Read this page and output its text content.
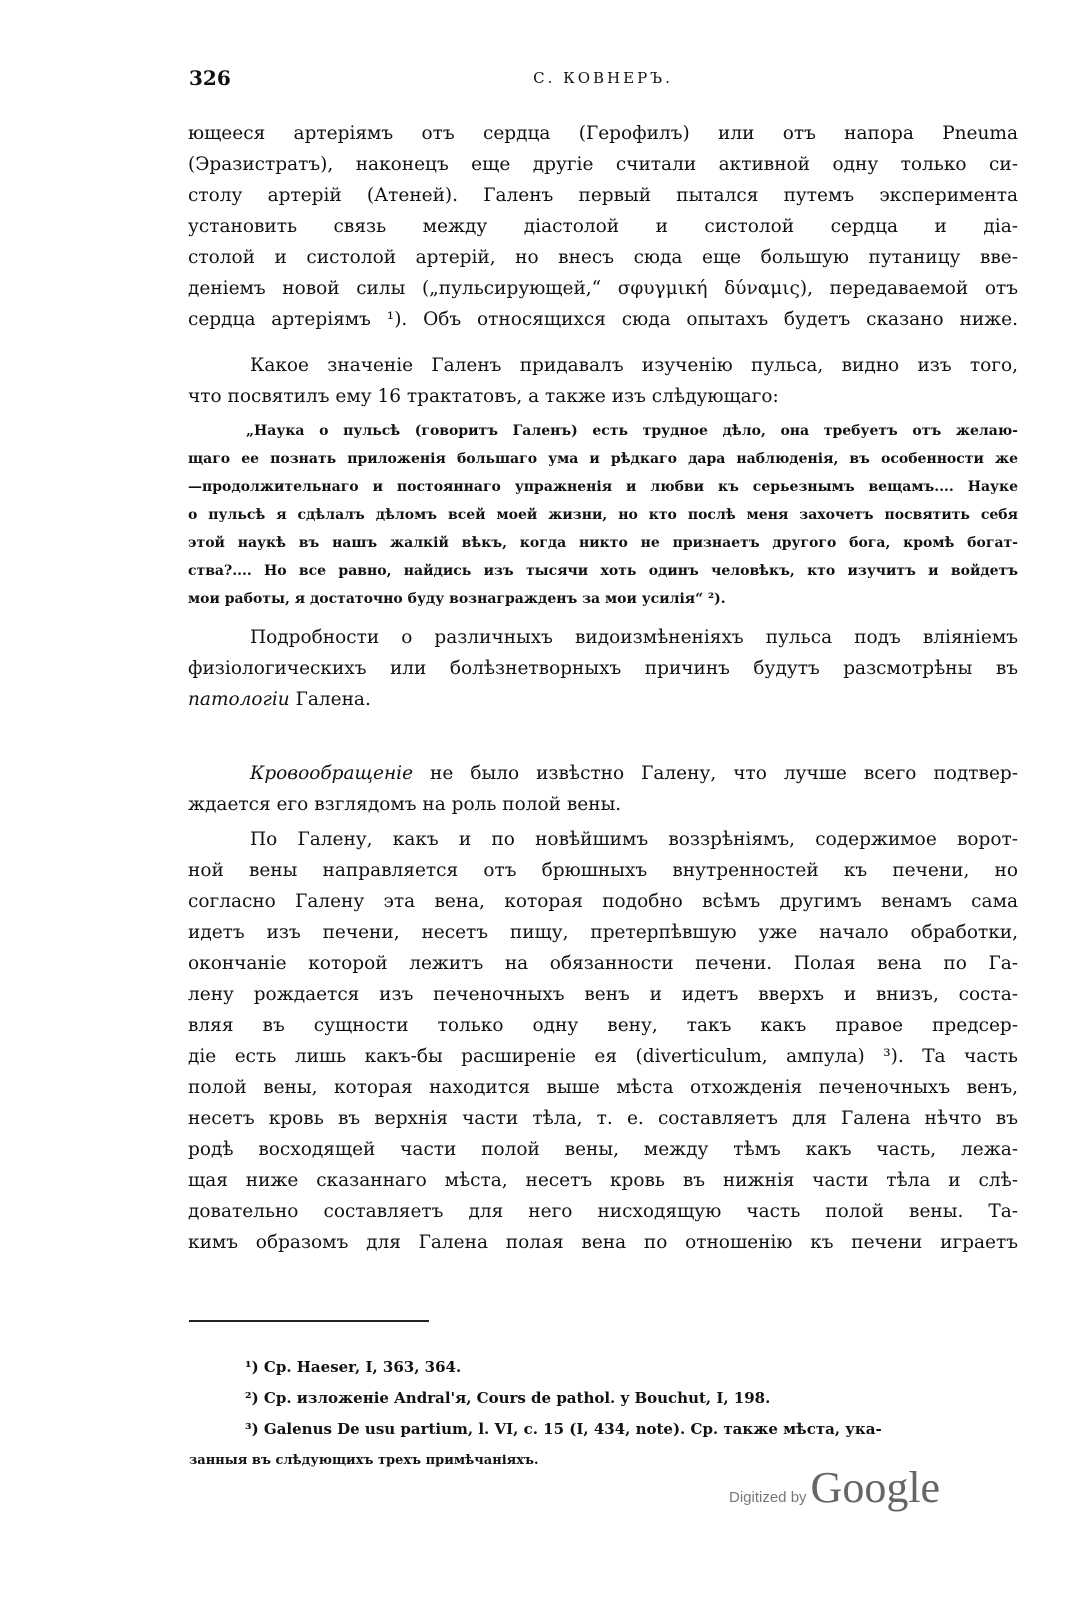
326	С. КОВНЕРЪ.
ющееся артеріямъ отъ сердца (Герофилъ) или отъ напора Pneuma
(Эразистратъ), наконецъ еще другіе считали активной одну только си-
столу артерій (Атеней). Галенъ первый пытался путемъ эксперимента
установить связь между діастолой и систолой сердца и діа-
столой и систолой артерій, но внесъ сюда еще большую путаницу вве-
деніемъ новой силы („пульсирующей,“ σφυγμική δύναμις), передаваемой отъ
сердца артеріямъ ¹). Объ относящихся сюда опытахъ будетъ сказано ниже.
Какое значеніе Галенъ придавалъ изученію пульса, видно изъ того,
что посвятилъ ему 16 трактатовъ, а также изъ слѣдующаго:
„Наука о пульсѣ (говоритъ Галенъ) есть трудное дѣло, она требуетъ отъ желаю-
щаго ее познать приложенія большаго ума и рѣдкаго дара наблюденія, въ особенности же
—продолжительнаго и постояннаго упражненія и любви къ серьезнымъ вещамъ.... Науке
о пульсѣ я сдѣлалъ дѣломъ всей моей жизни, но кто послѣ меня захочетъ посвятить себя
этой наукѣ въ нашъ жалкій вѣкъ, когда никто не признаетъ другого бога, кромѣ богат-
ства?.... Но все равно, найдись изъ тысячи хоть одинъ человѣкъ, кто изучитъ и войдетъ
мои работы, я достаточно буду вознагражденъ за мои усилія“ ²).
Подробности о различныхъ видоизмѣненіяхъ пульса подъ вліяніемъ
физіологическихъ или болѣзнетворныхъ причинъ будутъ разсмотрѣны въ
патологіи Галена.
Кровообращеніе не было извѣстно Галену, что лучше всего подтвер-
ждается его взглядомъ на роль полой вены.
По Галену, какъ и по новѣйшимъ воззрѣніямъ, содержимое ворот-
ной вены направляется отъ брюшныхъ внутренностей къ печени, но
согласно Галену эта вена, которая подобно всѣмъ другимъ венамъ сама
идетъ изъ печени, несетъ пищу, претерпѣвшую уже начало обработки,
окончаніе которой лежитъ на обязанности печени. Полая вена по Га-
лену рождается изъ печеночныхъ венъ и идетъ вверхъ и внизъ, соста-
вляя въ сущности только одну вену, такъ какъ правое предсер-
діе есть лишь какъ-бы расширеніе ея (diverticulum, ампула) ³). Та часть
полой вены, которая находится выше мѣста отхожденія печеночныхъ венъ,
несетъ кровь въ верхнія части тѣла, т. е. составляетъ для Галена нѣчто въ
родѣ восходящей части полой вены, между тѣмъ какъ часть, лежа-
щая ниже сказаннаго мѣста, несетъ кровь въ нижнія части тѣла и слѣ-
довательно составляетъ для него нисходящую часть полой вены. Та-
кимъ образомъ для Галена полая вена по отношенію къ печени играетъ
¹) Ср. Haeser, I, 363, 364.
²) Ср. изложеніе Andral'я, Cours de pathol. y Bouchut, I, 198.
³) Galenus De usu partium, l. VI, c. 15 (I, 434, note). Ср. также мѣста, ука-
занныя въ слѣдующихъ трехъ примѣчаніяхъ.
Digitized by Google
